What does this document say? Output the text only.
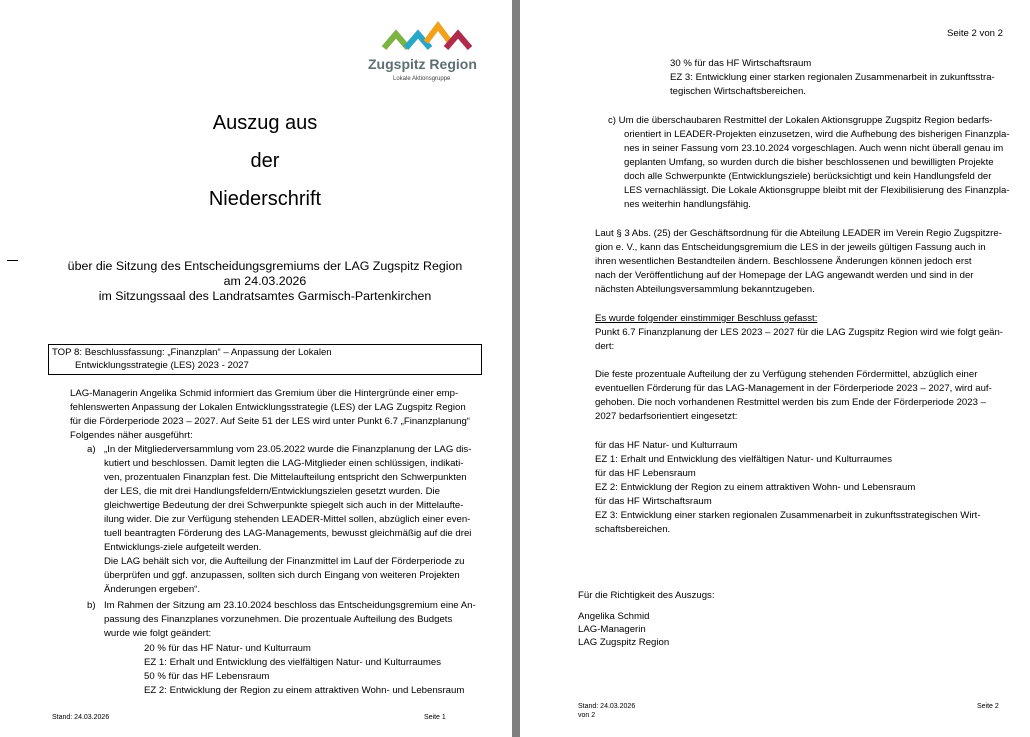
Zugspitz Region
Lokale Aktionsgruppe
Auszug aus
der
Niederschrift
über die Sitzung des Entscheidungsgremiums der LAG Zugspitz Region
am 24.03.2026
im Sitzungssaal des Landratsamtes Garmisch-Partenkirchen
TOP 8: Beschlussfassung: „Finanzplan“ – Anpassung der Lokalen
Entwicklungsstrategie (LES) 2023 - 2027
LAG-Managerin Angelika Schmid informiert das Gremium über die Hintergründe einer emp-
fehlenswerten Anpassung der Lokalen Entwicklungsstrategie (LES) der LAG Zugspitz Region
für die Förderperiode 2023 – 2027. Auf Seite 51 der LES wird unter Punkt 6.7 „Finanzplanung“
Folgendes näher ausgeführt:
a) „In der Mitgliederversammlung vom 23.05.2022 wurde die Finanzplanung der LAG dis-
kutiert und beschlossen. Damit legten die LAG-Mitglieder einen schlüssigen, indikati-
ven, prozentualen Finanzplan fest. Die Mittelaufteilung entspricht den Schwerpunkten
der LES, die mit drei Handlungsfeldern/Entwicklungszielen gesetzt wurden. Die
gleichwertige Bedeutung der drei Schwerpunkte spiegelt sich auch in der Mittelaufte-
ilung wider. Die zur Verfügung stehenden LEADER-Mittel sollen, abzüglich einer even-
tuell beantragten Förderung des LAG-Managements, bewusst gleichmäßig auf die drei
Entwicklungs-ziele aufgeteilt werden.
Die LAG behält sich vor, die Aufteilung der Finanzmittel im Lauf der Förderperiode zu
überprüfen und ggf. anzupassen, sollten sich durch Eingang von weiteren Projekten
Änderungen ergeben“.
b) Im Rahmen der Sitzung am 23.10.2024 beschloss das Entscheidungsgremium eine An-
passung des Finanzplanes vorzunehmen. Die prozentuale Aufteilung des Budgets
wurde wie folgt geändert:
20 % für das HF Natur- und Kulturraum
EZ 1: Erhalt und Entwicklung des vielfältigen Natur- und Kulturraumes
50 % für das HF Lebensraum
EZ 2: Entwicklung der Region zu einem attraktiven Wohn- und Lebensraum
Stand: 24.03.2026	Seite 1
Seite 2 von 2
30 % für das HF Wirtschaftsraum
EZ 3: Entwicklung einer starken regionalen Zusammenarbeit in zukunftsstra-
tegischen Wirtschaftsbereichen.
c) Um die überschaubaren Restmittel der Lokalen Aktionsgruppe Zugspitz Region bedarfs-
orientiert in LEADER-Projekten einzusetzen, wird die Aufhebung des bisherigen Finanzpla-
nes in seiner Fassung vom 23.10.2024 vorgeschlagen. Auch wenn nicht überall genau im
geplanten Umfang, so wurden durch die bisher beschlossenen und bewilligten Projekte
doch alle Schwerpunkte (Entwicklungsziele) berücksichtigt und kein Handlungsfeld der
LES vernachlässigt. Die Lokale Aktionsgruppe bleibt mit der Flexibilisierung des Finanzpla-
nes weiterhin handlungsfähig.
Laut § 3 Abs. (25) der Geschäftsordnung für die Abteilung LEADER im Verein Regio Zugspitzre-
gion e. V., kann das Entscheidungsgremium die LES in der jeweils gültigen Fassung auch in
ihren wesentlichen Bestandteilen ändern. Beschlossene Änderungen können jedoch erst
nach der Veröffentlichung auf der Homepage der LAG angewandt werden und sind in der
nächsten Abteilungsversammlung bekanntzugeben.
Es wurde folgender einstimmiger Beschluss gefasst:
Punkt 6.7 Finanzplanung der LES 2023 – 2027 für die LAG Zugspitz Region wird wie folgt geän-
dert:
Die feste prozentuale Aufteilung der zu Verfügung stehenden Fördermittel, abzüglich einer
eventuellen Förderung für das LAG-Management in der Förderperiode 2023 – 2027, wird auf-
gehoben. Die noch vorhandenen Restmittel werden bis zum Ende der Förderperiode 2023 –
2027 bedarfsorientiert eingesetzt:
für das HF Natur- und Kulturraum
EZ 1: Erhalt und Entwicklung des vielfältigen Natur- und Kulturraumes
für das HF Lebensraum
EZ 2: Entwicklung der Region zu einem attraktiven Wohn- und Lebensraum
für das HF Wirtschaftsraum
EZ 3: Entwicklung einer starken regionalen Zusammenarbeit in zukunftsstrategischen Wirt-
schaftsbereichen.
Für die Richtigkeit des Auszugs:
Angelika Schmid
LAG-Managerin
LAG Zugspitz Region
Stand: 24.03.2026
von 2
Seite 2
